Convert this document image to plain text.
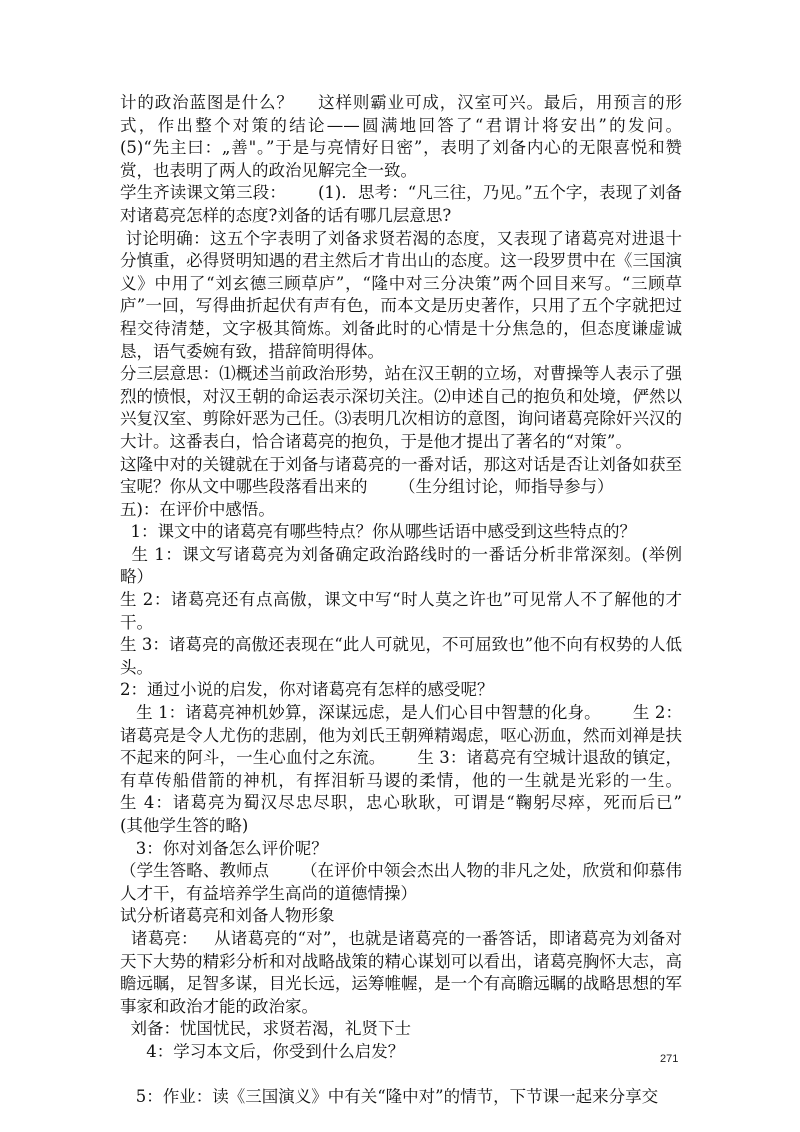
计的政治蓝图是什么？    这样则霸业可成，汉室可兴。最后，用预言的形式，作出整个对策的结论——圆满地回答了“君谓计将安出”的发问。     (5)“先主曰：„善"。”于是与亮情好日密”，表明了刘备内心的无限喜悦和赞赏，也表明了两人的政治见解完全一致。

学生齐读课文第三段：      (1)．思考：“凡三往，乃见。”五个字，表现了刘备对诸葛亮怎样的态度?刘备的话有哪几层意思?

讨论明确：这五个字表明了刘备求贤若渴的态度，又表现了诸葛亮对进退十分慎重，必得贤明知遇的君主然后才肯出山的态度。这一段罗贯中在《三国演义》中用了“刘玄德三顾草庐”，“隆中对三分决策”两个回目来写。“三顾草庐”一回，写得曲折起伏有声有色，而本文是历史著作，只用了五个字就把过程交待清楚，文字极其简炼。刘备此时的心情是十分焦急的，但态度谦虚诚恳，语气委婉有致，措辞简明得体。

分三层意思：⑴概述当前政治形势，站在汉王朝的立场，对曹操等人表示了强烈的愤恨，对汉王朝的命运表示深切关注。⑵申述自己的抱负和处境，俨然以兴复汉室、剪除奸恶为己任。⑶表明几次相访的意图，询问诸葛亮除奸兴汉的大计。这番表白，恰合诸葛亮的抱负，于是他才提出了著名的“对策”。

这隆中对的关键就在于刘备与诸葛亮的一番对话，那这对话是否让刘备如获至宝呢？你从文中哪些段落看出来的      （生分组讨论，师指导参与）

五)：在评价中感悟。

1：课文中的诸葛亮有哪些特点？你从哪些话语中感受到这些特点的？

生 1：课文写诸葛亮为刘备确定政治路线时的一番话分析非常深刻。(举例略）

生 2：诸葛亮还有点高傲，课文中写“时人莫之许也”可见常人不了解他的才干。

生 3：诸葛亮的高傲还表现在“此人可就见，不可屈致也”他不向有权势的人低头。

2：通过小说的启发，你对诸葛亮有怎样的感受呢？

生 1：诸葛亮神机妙算，深谋远虑，是人们心目中智慧的化身。      生 2：诸葛亮是令人尤伤的悲剧，他为刘氏王朝殚精竭虑，呕心沥血，然而刘禅是扶不起来的阿斗，一生心血付之东流。      生 3：诸葛亮有空城计退敌的镇定，有草传船借箭的神机，有挥泪斩马谡的柔情，他的一生就是光彩的一生。      生 4：诸葛亮为蜀汉尽忠尽职，忠心耿耿，可谓是“鞠躬尽瘁，死而后已”      (其他学生答的略)

3：你对刘备怎么评价呢？

（学生答略、教师点      （在评价中领会杰出人物的非凡之处，欣赏和仰慕伟人才干，有益培养学生高尚的道德情操）

试分析诸葛亮和刘备人物形象

诸葛亮：   从诸葛亮的“对”，也就是诸葛亮的一番答话，即诸葛亮为刘备对天下大势的精彩分析和对战略战策的精心谋划可以看出，诸葛亮胸怀大志，高瞻远瞩，足智多谋，目光长远，运筹帷幄，是一个有高瞻远瞩的战略思想的军事家和政治才能的政治家。

刘备：忧国忧民，求贤若渴，礼贤下士

4：学习本文后，你受到什么启发？

5：作业：读《三国演义》中有关“隆中对”的情节，下节课一起来分享交

271
